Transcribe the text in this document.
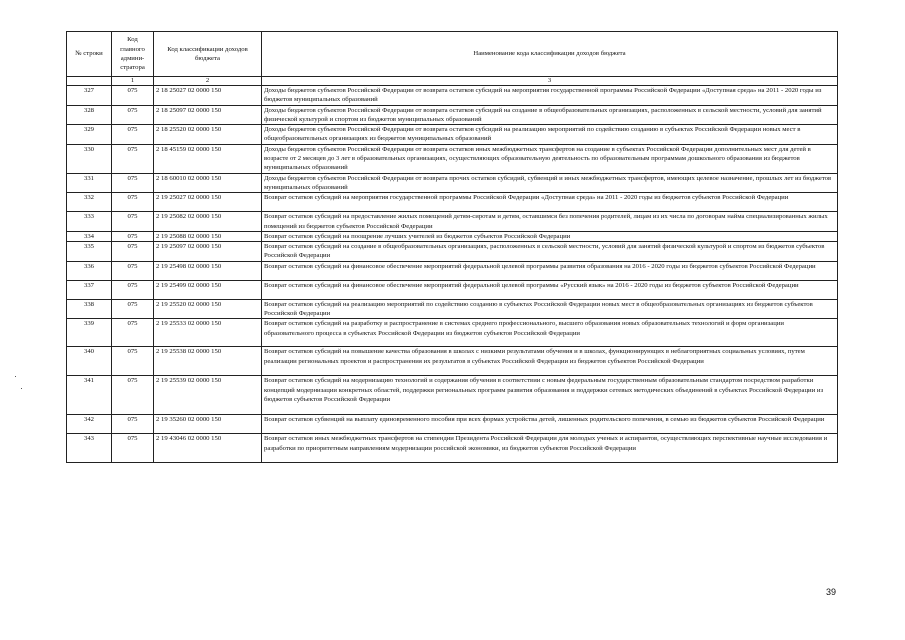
№ строки	Код главного админи-стратора	Код классификации доходов бюджета	Наименование кода классификации доходов бюджета
	1	2	3
327	075	2 18 25027 02 0000 150	Доходы бюджетов субъектов Российской Федерации от возврата остатков субсидий на мероприятия государственной программы Российской Федерации «Доступная среда» на 2011 - 2020 годы из бюджетов муниципальных образований
328	075	2 18 25097 02 0000 150	Доходы бюджетов субъектов Российской Федерации от возврата остатков субсидий на создание в общеобразовательных организациях, расположенных в сельской местности, условий для занятий физической культурой и спортом из бюджетов муниципальных образований
329	075	2 18 25520 02 0000 150	Доходы бюджетов субъектов Российской Федерации от возврата остатков субсидий на реализацию мероприятий по содействию созданию в субъектах Российской Федерации новых мест в общеобразовательных организациях из бюджетов муниципальных образований
330	075	2 18 45159 02 0000 150	Доходы бюджетов субъектов Российской Федерации от возврата остатков иных межбюджетных трансфертов на создание в субъектах Российской Федерации дополнительных мест для детей в возрасте от 2 месяцев до 3 лет в образовательных организациях, осуществляющих образовательную деятельность по образовательным программам дошкольного образования из бюджетов муниципальных образований
331	075	2 18 60010 02 0000 150	Доходы бюджетов субъектов Российской Федерации от возврата прочих остатков субсидий, субвенций и иных межбюджетных трансфертов, имеющих целевое назначение, прошлых лет из бюджетов муниципальных образований
332	075	2 19 25027 02 0000 150	Возврат остатков субсидий на мероприятия государственной программы Российской Федерации «Доступная среда» на 2011 - 2020 годы из бюджетов субъектов Российской Федерации
333	075	2 19 25082 02 0000 150	Возврат остатков субсидий на предоставление жилых помещений детям-сиротам и детям, оставшимся без попечения родителей, лицам из их числа по договорам найма специализированных жилых помещений из бюджетов субъектов Российской Федерации
334	075	2 19 25088 02 0000 150	Возврат остатков субсидий на поощрение лучших учителей из бюджетов субъектов Российской Федерации
335	075	2 19 25097 02 0000 150	Возврат остатков субсидий на создание в общеобразовательных организациях, расположенных в сельской местности, условий для занятий физической культурой и спортом из бюджетов субъектов Российской Федерации
336	075	2 19 25498 02 0000 150	Возврат остатков субсидий на финансовое обеспечение мероприятий федеральной целевой программы развития образования на 2016 - 2020 годы из бюджетов субъектов Российской Федерации
337	075	2 19 25499 02 0000 150	Возврат остатков субсидий на финансовое обеспечение мероприятий федеральной целевой программы «Русский язык» на 2016 - 2020 годы из бюджетов субъектов Российской Федерации
338	075	2 19 25520 02 0000 150	Возврат остатков субсидий на реализацию мероприятий по содействию созданию в субъектах Российской Федерации новых мест в общеобразовательных организациях из бюджетов субъектов Российской Федерации
339	075	2 19 25533 02 0000 150	Возврат остатков субсидий на разработку и распространение в системах среднего профессионального, высшего образования новых образовательных технологий и форм организации образовательного процесса в субъектах Российской Федерации из бюджетов субъектов Российской Федерации
340	075	2 19 25538 02 0000 150	Возврат остатков субсидий на повышение качества образования в школах с низкими результатами обучения и в школах, функционирующих в неблагоприятных социальных условиях, путем реализации региональных проектов и распространения их результатов в субъектах Российской Федерации из бюджетов субъектов Российской Федерации
341	075	2 19 25539 02 0000 150	Возврат остатков субсидий на модернизацию технологий и содержания обучения в соответствии с новым федеральным государственным образовательным стандартом посредством разработки концепций модернизации конкретных областей, поддержки региональных программ развития образования и поддержки сетевых методических объединений в субъектах Российской Федерации из бюджетов субъектов Российской Федерации
342	075	2 19 35260 02 0000 150	Возврат остатков субвенций на выплату единовременного пособия при всех формах устройства детей, лишенных родительского попечения, в семью из бюджетов субъектов Российской Федерации
343	075	2 19 43046 02 0000 150	Возврат остатков иных межбюджетных трансфертов на стипендии Президента Российской Федерации для молодых ученых и аспирантов, осуществляющих перспективные научные исследования и разработки по приоритетным направлениям модернизации российской экономики, из бюджетов субъектов Российской Федерации
39
